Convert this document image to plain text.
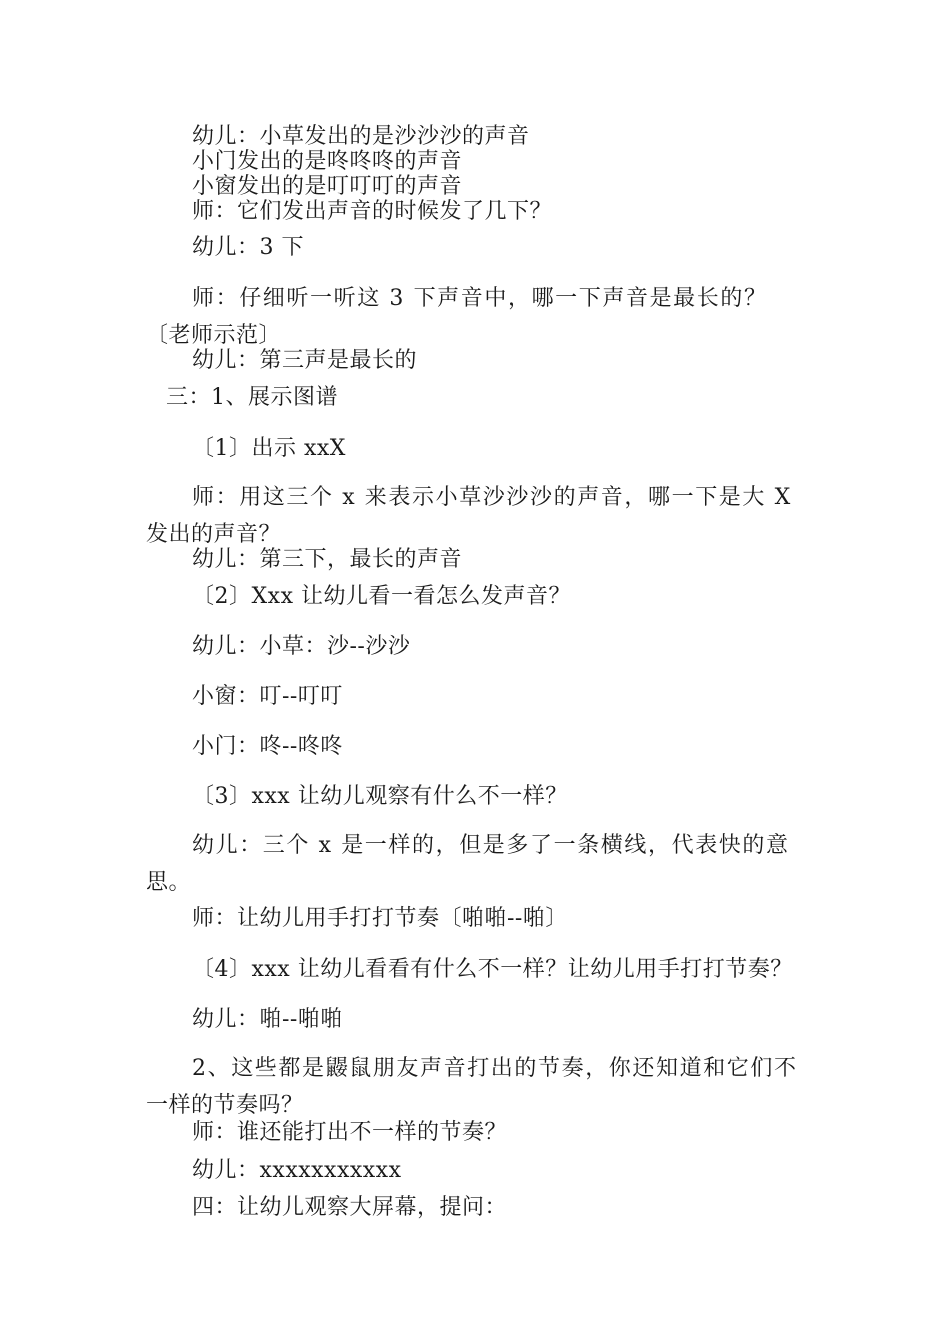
幼儿：小草发出的是沙沙沙的声音
小门发出的是咚咚咚的声音
小窗发出的是叮叮叮的声音
师：它们发出声音的时候发了几下？
幼儿：3 下
师：仔细听一听这 3 下声音中，哪一下声音是最长的？
〔老师示范〕
幼儿：第三声是最长的
三：1、展示图谱
〔1〕出示 xxX
师：用这三个 x 来表示小草沙沙沙的声音，哪一下是大 X
发出的声音？
幼儿：第三下，最长的声音
〔2〕Xxx 让幼儿看一看怎么发声音？
幼儿：小草：沙--沙沙
小窗：叮--叮叮
小门：咚--咚咚
〔3〕xxx 让幼儿观察有什么不一样？
幼儿：三个 x 是一样的，但是多了一条横线，代表快的意
思。
师：让幼儿用手打打节奏〔啪啪--啪〕
〔4〕xxx 让幼儿看看有什么不一样？让幼儿用手打打节奏？
幼儿：啪--啪啪
2、这些都是鼹鼠朋友声音打出的节奏，你还知道和它们不
一样的节奏吗？
师：谁还能打出不一样的节奏？
幼儿：xxxxxxxxxxx
四：让幼儿观察大屏幕，提问：
